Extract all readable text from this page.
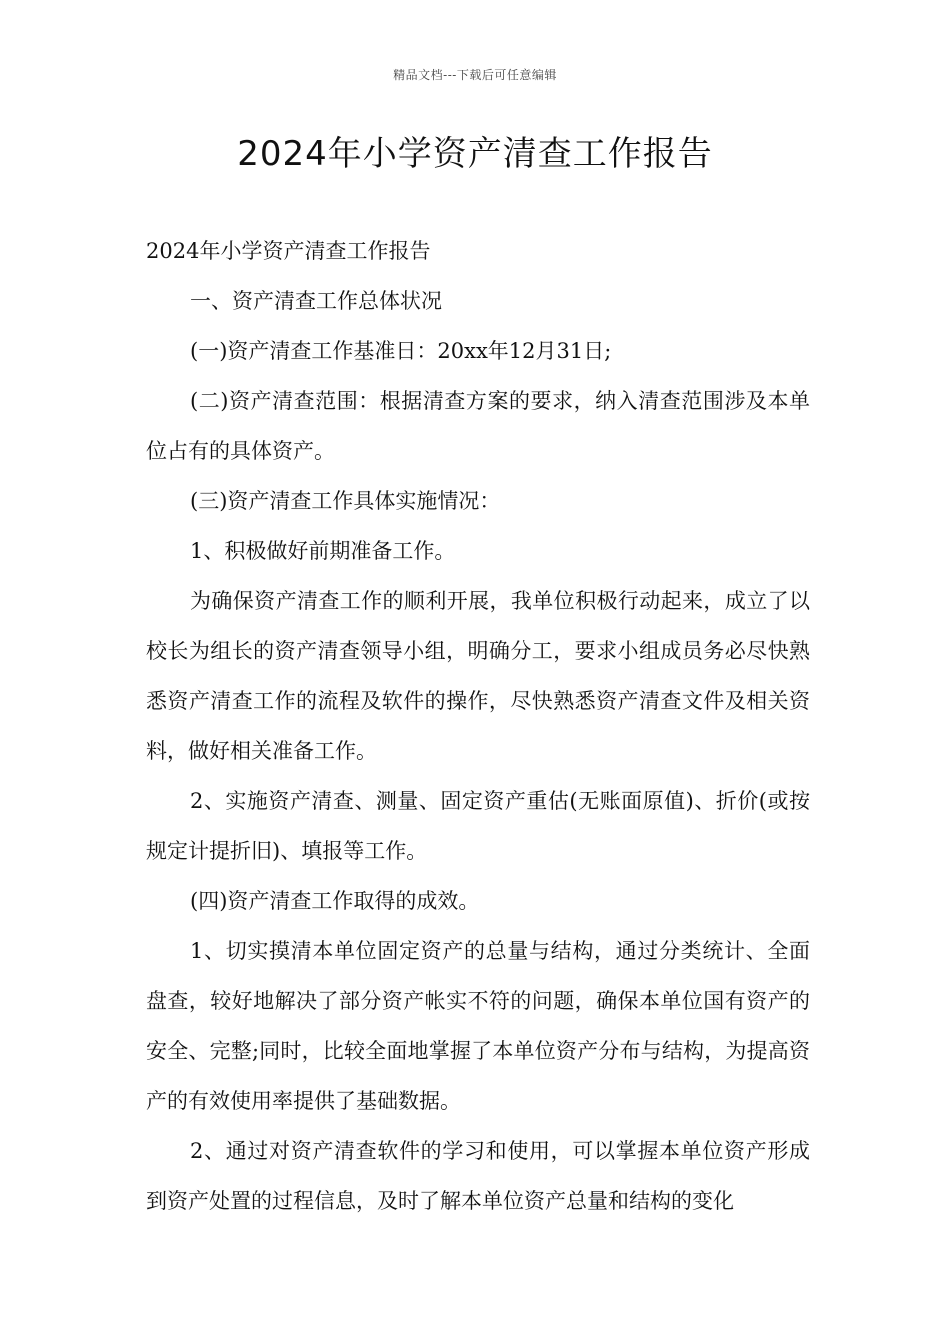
精品文档---下载后可任意编辑
2024年小学资产清查工作报告

2024年小学资产清查工作报告

一、资产清查工作总体状况

(一)资产清查工作基准日：20xx年12月31日;

(二)资产清查范围：根据清查方案的要求，纳入清查范围涉及本单位占有的具体资产。

(三)资产清查工作具体实施情况：

1、积极做好前期准备工作。

为确保资产清查工作的顺利开展，我单位积极行动起来，成立了以校长为组长的资产清查领导小组，明确分工，要求小组成员务必尽快熟悉资产清查工作的流程及软件的操作，尽快熟悉资产清查文件及相关资料，做好相关准备工作。

2、实施资产清查、测量、固定资产重估(无账面原值)、折价(或按规定计提折旧)、填报等工作。

(四)资产清查工作取得的成效。

1、切实摸清本单位固定资产的总量与结构，通过分类统计、全面盘查，较好地解决了部分资产帐实不符的问题，确保本单位国有资产的安全、完整;同时，比较全面地掌握了本单位资产分布与结构，为提高资产的有效使用率提供了基础数据。

2、通过对资产清查软件的学习和使用，可以掌握本单位资产形成到资产处置的过程信息，及时了解本单位资产总量和结构的变化
